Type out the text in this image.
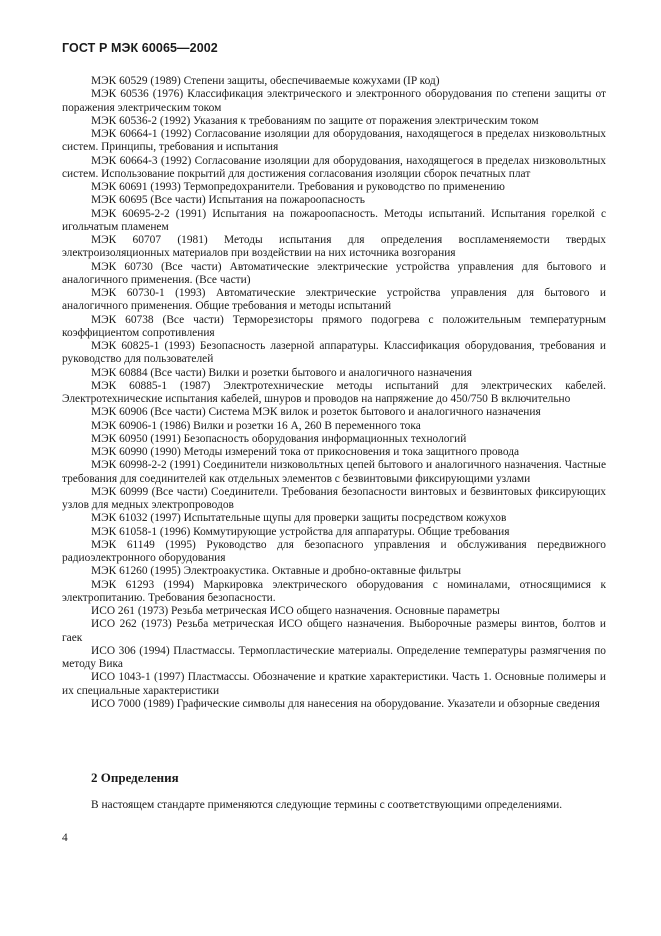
ГОСТ Р МЭК 60065—2002

МЭК 60529 (1989) Степени защиты, обеспечиваемые кожухами (IP код)

МЭК 60536 (1976) Классификация электрического и электронного оборудования по степени защиты от поражения электрическим током

МЭК 60536-2 (1992) Указания к требованиям по защите от поражения электрическим током

МЭК 60664-1 (1992) Согласование изоляции для оборудования, находящегося в пределах низковольтных систем. Принципы, требования и испытания

МЭК 60664-3 (1992) Согласование изоляции для оборудования, находящегося в пределах низковольтных систем. Использование покрытий для достижения согласования изоляции сборок печатных плат

МЭК 60691 (1993) Термопредохранители. Требования и руководство по применению

МЭК 60695 (Все части) Испытания на пожароопасность

МЭК 60695-2-2 (1991) Испытания на пожароопасность. Методы испытаний. Испытания горелкой с игольчатым пламенем

МЭК 60707 (1981) Методы испытания для определения воспламеняемости твердых электроизоляционных материалов при воздействии на них источника возгорания

МЭК 60730 (Все части) Автоматические электрические устройства управления для бытового и аналогичного применения. (Все части)

МЭК 60730-1 (1993) Автоматические электрические устройства управления для бытового и аналогичного применения. Общие требования и методы испытаний

МЭК 60738 (Все части) Терморезисторы прямого подогрева с положительным температурным коэффициентом сопротивления

МЭК 60825-1 (1993) Безопасность лазерной аппаратуры. Классификация оборудования, требования и руководство для пользователей

МЭК 60884 (Все части) Вилки и розетки бытового и аналогичного назначения

МЭК 60885-1 (1987) Электротехнические методы испытаний для электрических кабелей. Электротехнические испытания кабелей, шнуров и проводов на напряжение до 450/750 В включительно

МЭК 60906 (Все части) Система МЭК вилок и розеток бытового и аналогичного назначения

МЭК 60906-1 (1986) Вилки и розетки 16 А, 260 В переменного тока

МЭК 60950 (1991) Безопасность оборудования информационных технологий

МЭК 60990 (1990) Методы измерений тока от прикосновения и тока защитного провода

МЭК 60998-2-2 (1991) Соединители низковольтных цепей бытового и аналогичного назначения. Частные требования для соединителей как отдельных элементов с безвинтовыми фиксирующими узлами

МЭК 60999 (Все части) Соединители. Требования безопасности винтовых и безвинтовых фиксирующих узлов для медных электропроводов

МЭК 61032 (1997) Испытательные щупы для проверки защиты посредством кожухов

МЭК 61058-1 (1996) Коммутирующие устройства для аппаратуры. Общие требования

МЭК 61149 (1995) Руководство для безопасного управления и обслуживания передвижного радиоэлектронного оборудования

МЭК 61260 (1995) Электроакустика. Октавные и дробно-октавные фильтры

МЭК 61293 (1994) Маркировка электрического оборудования с номиналами, относящимися к электропитанию. Требования безопасности.

ИСО 261 (1973) Резьба метрическая ИСО общего назначения. Основные параметры

ИСО 262 (1973) Резьба метрическая ИСО общего назначения. Выборочные размеры винтов, болтов и гаек

ИСО 306 (1994) Пластмассы. Термопластические материалы. Определение температуры размягчения по методу Вика

ИСО 1043-1 (1997) Пластмассы. Обозначение и краткие характеристики. Часть 1. Основные полимеры и их специальные характеристики

ИСО 7000 (1989) Графические символы для нанесения на оборудование. Указатели и обзорные сведения

2 Определения

В настоящем стандарте применяются следующие термины с соответствующими определениями.

4
